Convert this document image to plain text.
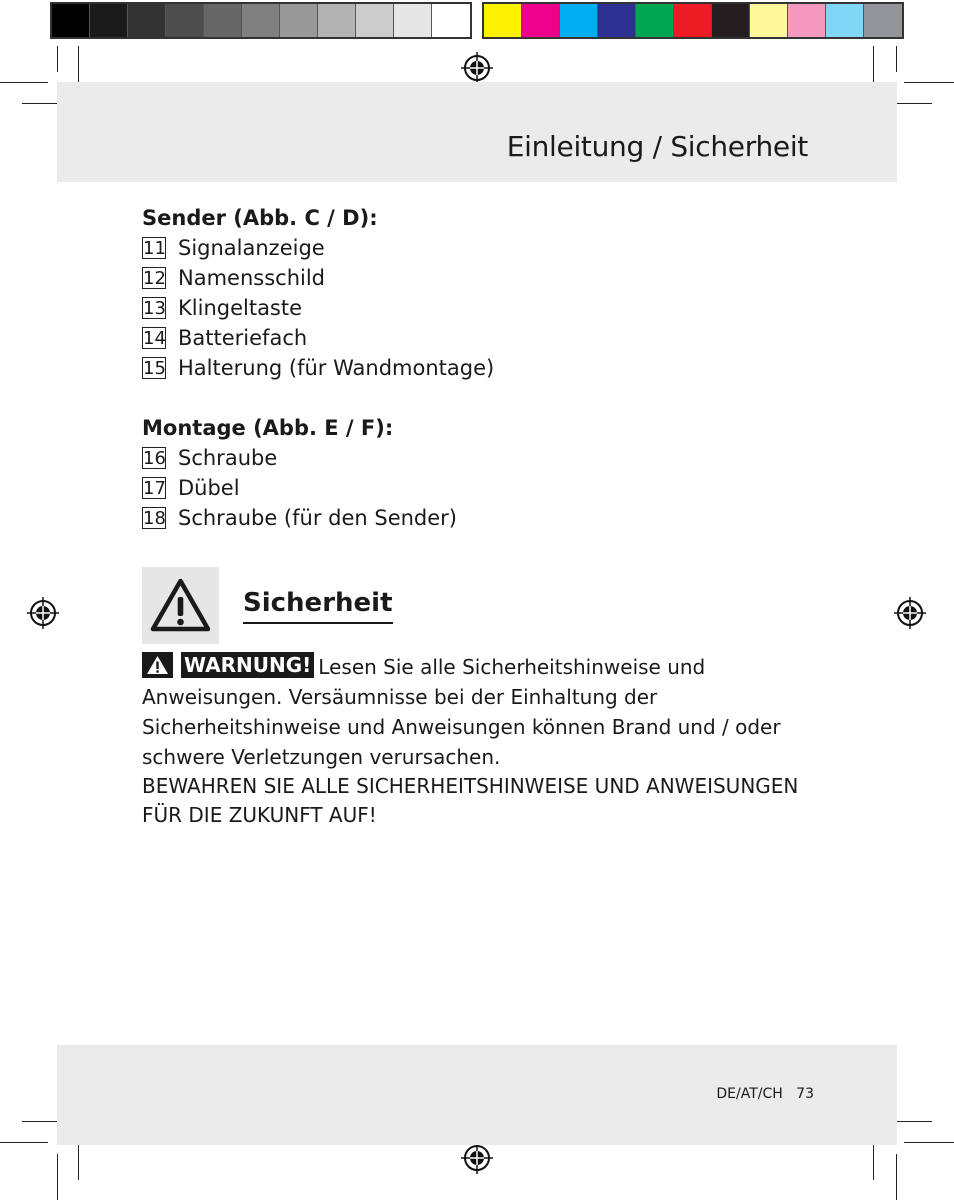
Einleitung / Sicherheit
Sender (Abb. C / D):
11 Signalanzeige
12 Namensschild
13 Klingeltaste
14 Batteriefach
15 Halterung (für Wandmontage)
Montage (Abb. E / F):
16 Schraube
17 Dübel
18 Schraube (für den Sender)
Sicherheit

WARNUNG! Lesen Sie alle Sicherheitshinweise und Anweisungen. Versäumnisse bei der Einhaltung der Sicherheitshinweise und Anweisungen können Brand und / oder schwere Verletzungen verursachen.

BEWAHREN SIE ALLE SICHERHEITSHINWEISE UND ANWEISUNGEN FÜR DIE ZUKUNFT AUF!

DE/AT/CH 73
